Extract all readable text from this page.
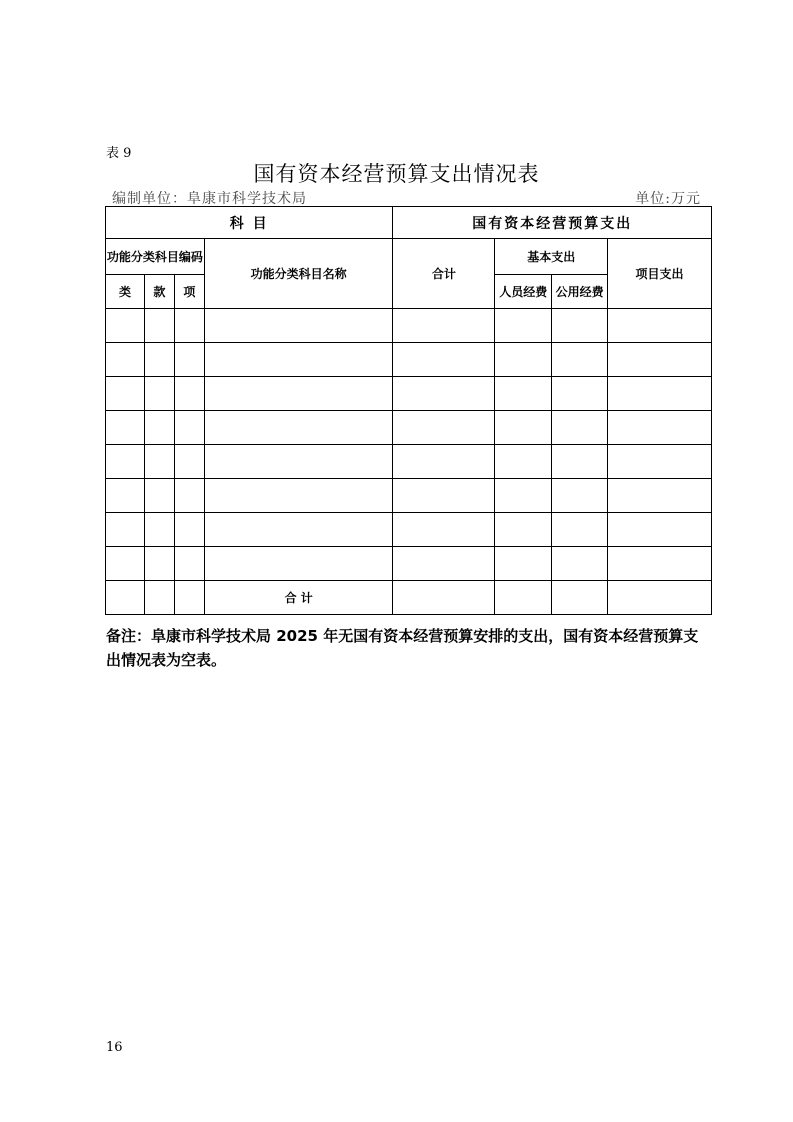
表 9
国有资本经营预算支出情况表
编制单位：阜康市科学技术局	单位:万元
科 目				国有资本经营预算支出			
功能分类科目编码			功能分类科目名称	合计	基本支出		项目支出
类	款	项			人员经费	公用经费	

			合 计				
备注：阜康市科学技术局 2025 年无国有资本经营预算安排的支出，国有资本经营预算支出情况表为空表。
16
